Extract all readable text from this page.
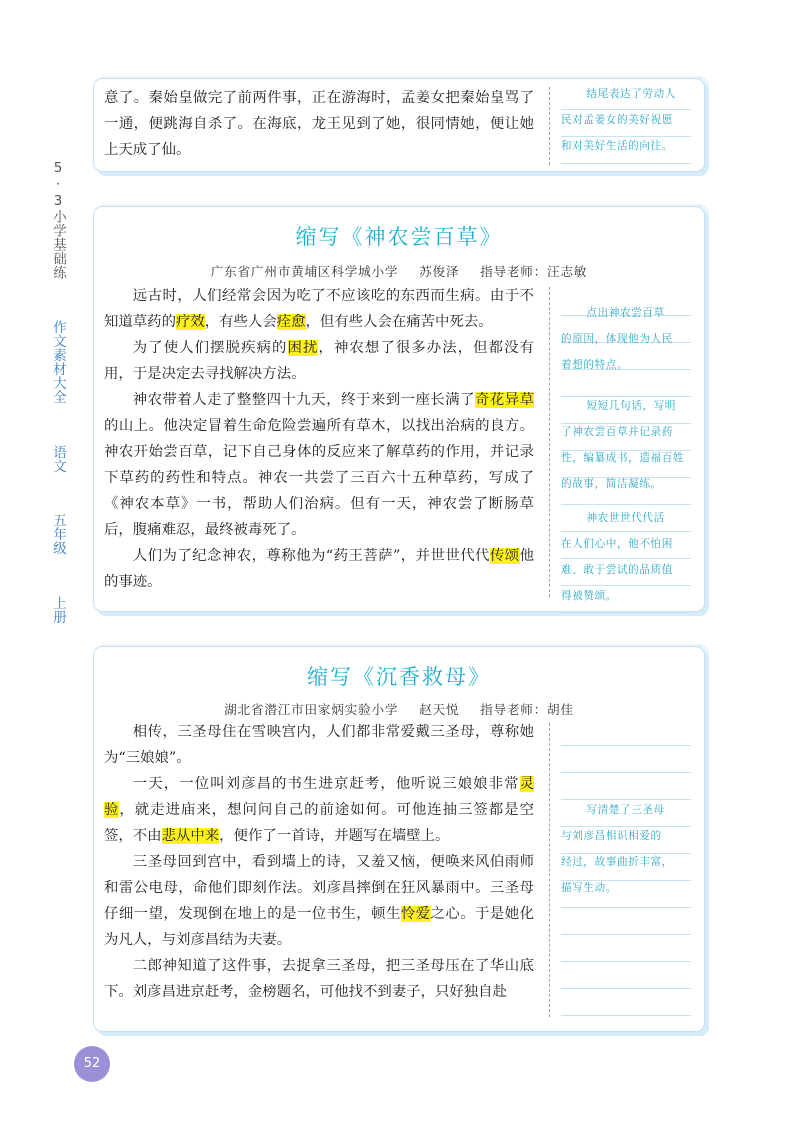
5·3小学基础练 作文素材大全 语文 五年级 上册

意了。秦始皇做完了前两件事，正在游海时，孟姜女把秦始皇骂了一通，便跳海自杀了。在海底，龙王见到了她，很同情她，便让她上天成了仙。

结尾表达了劳动人
民对孟姜女的美好祝愿
和对美好生活的向往。
缩写《神农尝百草》
广东省广州市黄埔区科学城小学 苏俊泽 指导老师：汪志敏

远古时，人们经常会因为吃了不应该吃的东西而生病。由于不知道草药的疗效，有些人会痊愈，但有些人会在痛苦中死去。

为了使人们摆脱疾病的困扰，神农想了很多办法，但都没有用，于是决定去寻找解决方法。

神农带着人走了整整四十九天，终于来到一座长满了奇花异草的山上。他决定冒着生命危险尝遍所有草木，以找出治病的良方。神农开始尝百草，记下自己身体的反应来了解草药的作用，并记录下草药的药性和特点。神农一共尝了三百六十五种草药，写成了《神农本草》一书，帮助人们治病。但有一天，神农尝了断肠草后，腹痛难忍，最终被毒死了。

人们为了纪念神农，尊称他为“药王菩萨”，并世世代代传颂他的事迹。

点出神农尝百草
的原因，体现他为人民
着想的特点。
短短几句话，写明
了神农尝百草并记录药
性，编纂成书，造福百姓
的故事，简洁凝练。
神农世世代代活
在人们心中，他不怕困
难、敢于尝试的品质值
得被赞颂。
缩写《沉香救母》
湖北省潜江市田家炳实验小学 赵天悦 指导老师：胡佳

相传，三圣母住在雪映宫内，人们都非常爱戴三圣母，尊称她为“三娘娘”。

一天，一位叫刘彦昌的书生进京赶考，他听说三娘娘非常灵验，就走进庙来，想问问自己的前途如何。可他连抽三签都是空签，不由悲从中来，便作了一首诗，并题写在墙壁上。

三圣母回到宫中，看到墙上的诗，又羞又恼，便唤来风伯雨师和雷公电母，命他们即刻作法。刘彦昌摔倒在狂风暴雨中。三圣母仔细一望，发现倒在地上的是一位书生，顿生怜爱之心。于是她化为凡人，与刘彦昌结为夫妻。

二郎神知道了这件事，去捉拿三圣母，把三圣母压在了华山底下。刘彦昌进京赶考，金榜题名，可他找不到妻子，只好独自赴

写清楚了三圣母
与刘彦昌相识相爱的
经过，故事曲折丰富，
描写生动。
52
